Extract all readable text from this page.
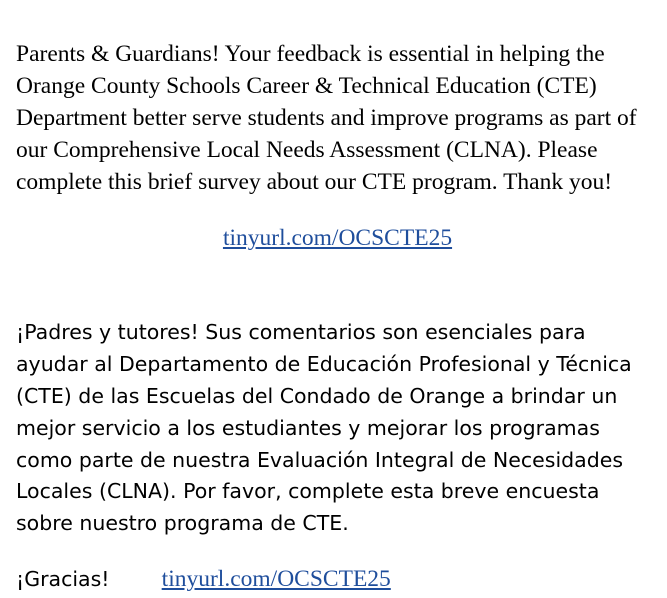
Parents & Guardians! Your feedback is essential in helping the Orange County Schools Career & Technical Education (CTE) Department better serve students and improve programs as part of our Comprehensive Local Needs Assessment (CLNA). Please complete this brief survey about our CTE program. Thank you!

tinyurl.com/OCSCTE25

¡Padres y tutores! Sus comentarios son esenciales para ayudar al Departamento de Educación Profesional y Técnica (CTE) de las Escuelas del Condado de Orange a brindar un mejor servicio a los estudiantes y mejorar los programas como parte de nuestra Evaluación Integral de Necesidades Locales (CLNA). Por favor, complete esta breve encuesta sobre nuestro programa de CTE.

¡Gracias! tinyurl.com/OCSCTE25
